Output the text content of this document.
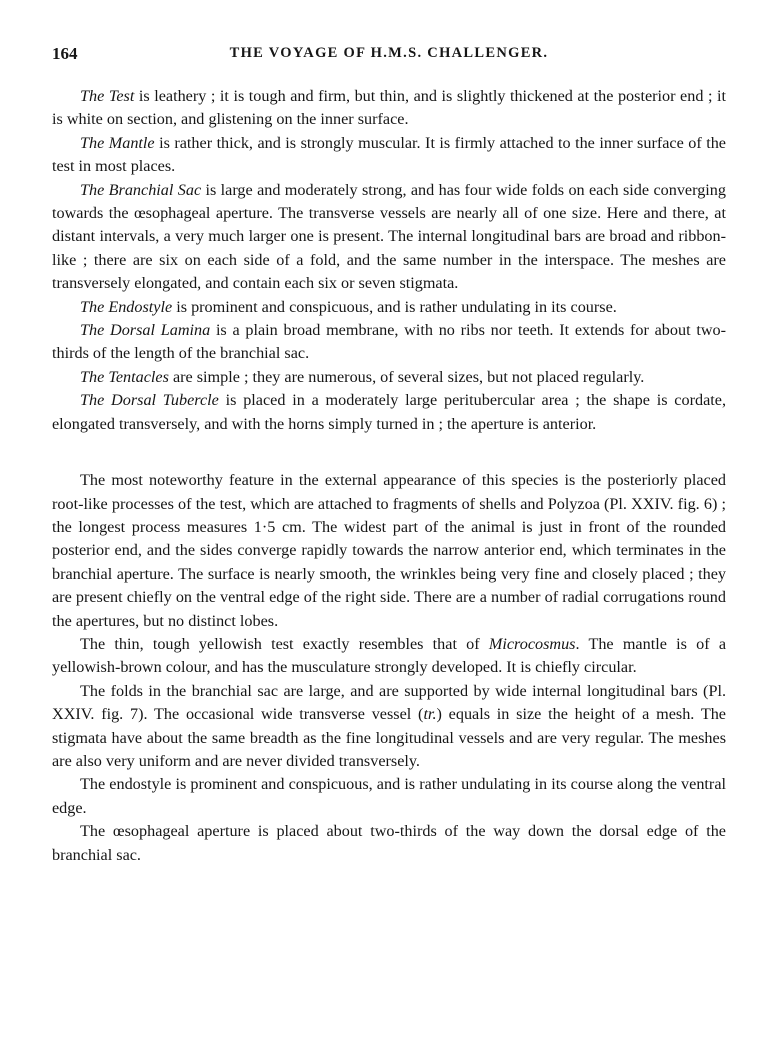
164	THE VOYAGE OF H.M.S. CHALLENGER.

The Test is leathery ; it is tough and firm, but thin, and is slightly thickened at the posterior end ; it is white on section, and glistening on the inner surface.

The Mantle is rather thick, and is strongly muscular. It is firmly attached to the inner surface of the test in most places.

The Branchial Sac is large and moderately strong, and has four wide folds on each side converging towards the œsophageal aperture. The transverse vessels are nearly all of one size. Here and there, at distant intervals, a very much larger one is present. The internal longitudinal bars are broad and ribbon-like ; there are six on each side of a fold, and the same number in the interspace. The meshes are transversely elongated, and contain each six or seven stigmata.

The Endostyle is prominent and conspicuous, and is rather undulating in its course.

The Dorsal Lamina is a plain broad membrane, with no ribs nor teeth. It extends for about two-thirds of the length of the branchial sac.

The Tentacles are simple ; they are numerous, of several sizes, but not placed regularly.

The Dorsal Tubercle is placed in a moderately large peritubercular area ; the shape is cordate, elongated transversely, and with the horns simply turned in ; the aperture is anterior.

The most noteworthy feature in the external appearance of this species is the posteriorly placed root-like processes of the test, which are attached to fragments of shells and Polyzoa (Pl. XXIV. fig. 6) ; the longest process measures 1·5 cm. The widest part of the animal is just in front of the rounded posterior end, and the sides converge rapidly towards the narrow anterior end, which terminates in the branchial aperture. The surface is nearly smooth, the wrinkles being very fine and closely placed ; they are present chiefly on the ventral edge of the right side. There are a number of radial corrugations round the apertures, but no distinct lobes.

The thin, tough yellowish test exactly resembles that of Microcosmus. The mantle is of a yellowish-brown colour, and has the musculature strongly developed. It is chiefly circular.

The folds in the branchial sac are large, and are supported by wide internal longitudinal bars (Pl. XXIV. fig. 7). The occasional wide transverse vessel (tr.) equals in size the height of a mesh. The stigmata have about the same breadth as the fine longitudinal vessels and are very regular. The meshes are also very uniform and are never divided transversely.

The endostyle is prominent and conspicuous, and is rather undulating in its course along the ventral edge.

The œsophageal aperture is placed about two-thirds of the way down the dorsal edge of the branchial sac.
